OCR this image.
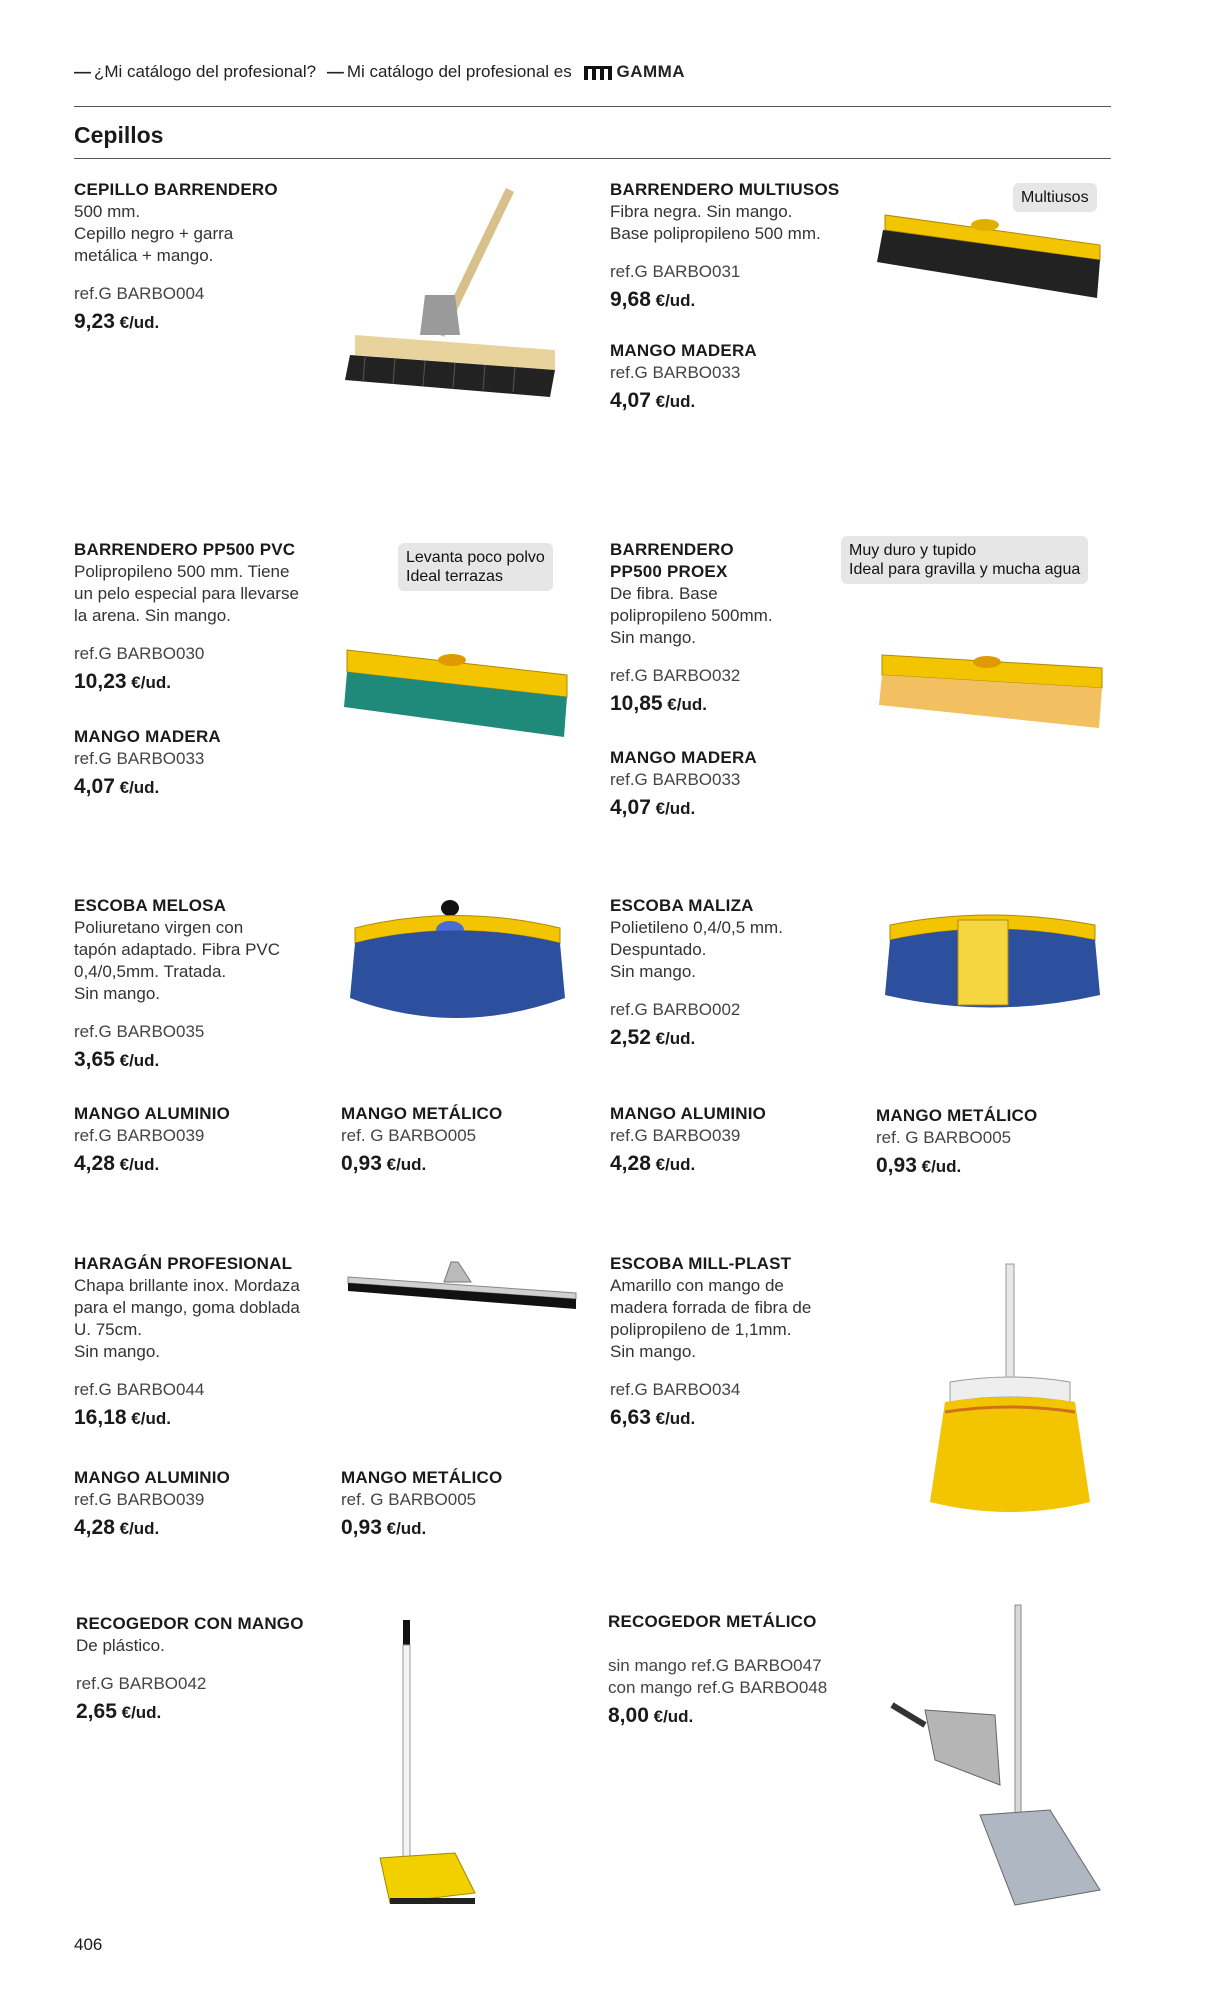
— ¿Mi catálogo del profesional? — Mi catálogo del profesional es	GAMMA
Cepillos
CEPILLO BARRENDERO
500 mm.
Cepillo negro + garra
metálica + mango.
ref.G BARBO004
9,23 €/ud.
BARRENDERO MULTIUSOS
Fibra negra. Sin mango.
Base polipropileno 500 mm.
ref.G BARBO031
9,68 €/ud.
Multiusos
MANGO MADERA
ref.G BARBO033
4,07 €/ud.
BARRENDERO PP500 PVC
Polipropileno 500 mm. Tiene
un pelo especial para llevarse
la arena. Sin mango.
ref.G BARBO030
10,23 €/ud.
Levanta poco polvo
Ideal terrazas
MANGO MADERA
ref.G BARBO033
4,07 €/ud.
BARRENDERO
PP500 PROEX
De fibra. Base
polipropileno 500mm.
Sin mango.
ref.G BARBO032
10,85 €/ud.
Muy duro y tupido
Ideal para gravilla y mucha agua
MANGO MADERA
ref.G BARBO033
4,07 €/ud.
ESCOBA MELOSA
Poliuretano virgen con
tapón adaptado. Fibra PVC
0,4/0,5mm. Tratada.
Sin mango.
ref.G BARBO035
3,65 €/ud.
MANGO ALUMINIO
ref.G BARBO039
4,28 €/ud.
MANGO METÁLICO
ref. G BARBO005
0,93 €/ud.
ESCOBA MALIZA
Polietileno 0,4/0,5 mm.
Despuntado.
Sin mango.
ref.G BARBO002
2,52 €/ud.
MANGO ALUMINIO
ref.G BARBO039
4,28 €/ud.
MANGO METÁLICO
ref. G BARBO005
0,93 €/ud.
HARAGÁN PROFESIONAL
Chapa brillante inox. Mordaza
para el mango, goma doblada
U. 75cm.
Sin mango.
ref.G BARBO044
16,18 €/ud.
MANGO ALUMINIO
ref.G BARBO039
4,28 €/ud.
MANGO METÁLICO
ref. G BARBO005
0,93 €/ud.
ESCOBA MILL-PLAST
Amarillo con mango de
madera forrada de fibra de
polipropileno de 1,1mm.
Sin mango.
ref.G BARBO034
6,63 €/ud.
RECOGEDOR CON MANGO
De plástico.
ref.G BARBO042
2,65 €/ud.
RECOGEDOR METÁLICO
sin mango ref.G BARBO047
con mango ref.G BARBO048
8,00 €/ud.
406
